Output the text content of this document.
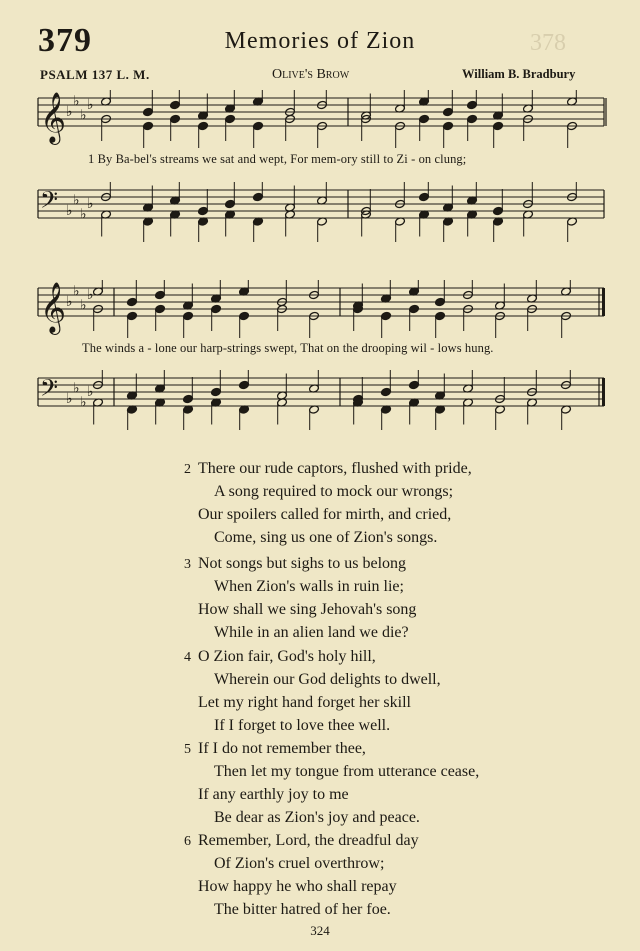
378
379	Memories of Zion
PSALM 137 L. M.	Olive's Brow	William B. Bradbury
𝄞 ♭
♭
♭
♭
1 By Ba-bel's streams we sat and wept, For mem-ory still to Zi - on clung;
𝄢 ♭
♭
♭
♭
𝄞 ♭
♭
♭
♭
The winds a - lone our harp-strings swept, That on the drooping wil - lows hung.
𝄢 ♭
♭
♭
♭
2 There our rude captors, flushed with pride,
A song required to mock our wrongs;
Our spoilers called for mirth, and cried,
Come, sing us one of Zion's songs.
3 Not songs but sighs to us belong
When Zion's walls in ruin lie;
How shall we sing Jehovah's song
While in an alien land we die?
4 O Zion fair, God's holy hill,
Wherein our God delights to dwell,
Let my right hand forget her skill
If I forget to love thee well.
5 If I do not remember thee,
Then let my tongue from utterance cease,
If any earthly joy to me
Be dear as Zion's joy and peace.
6 Remember, Lord, the dreadful day
Of Zion's cruel overthrow;
How happy he who shall repay
The bitter hatred of her foe.
324
